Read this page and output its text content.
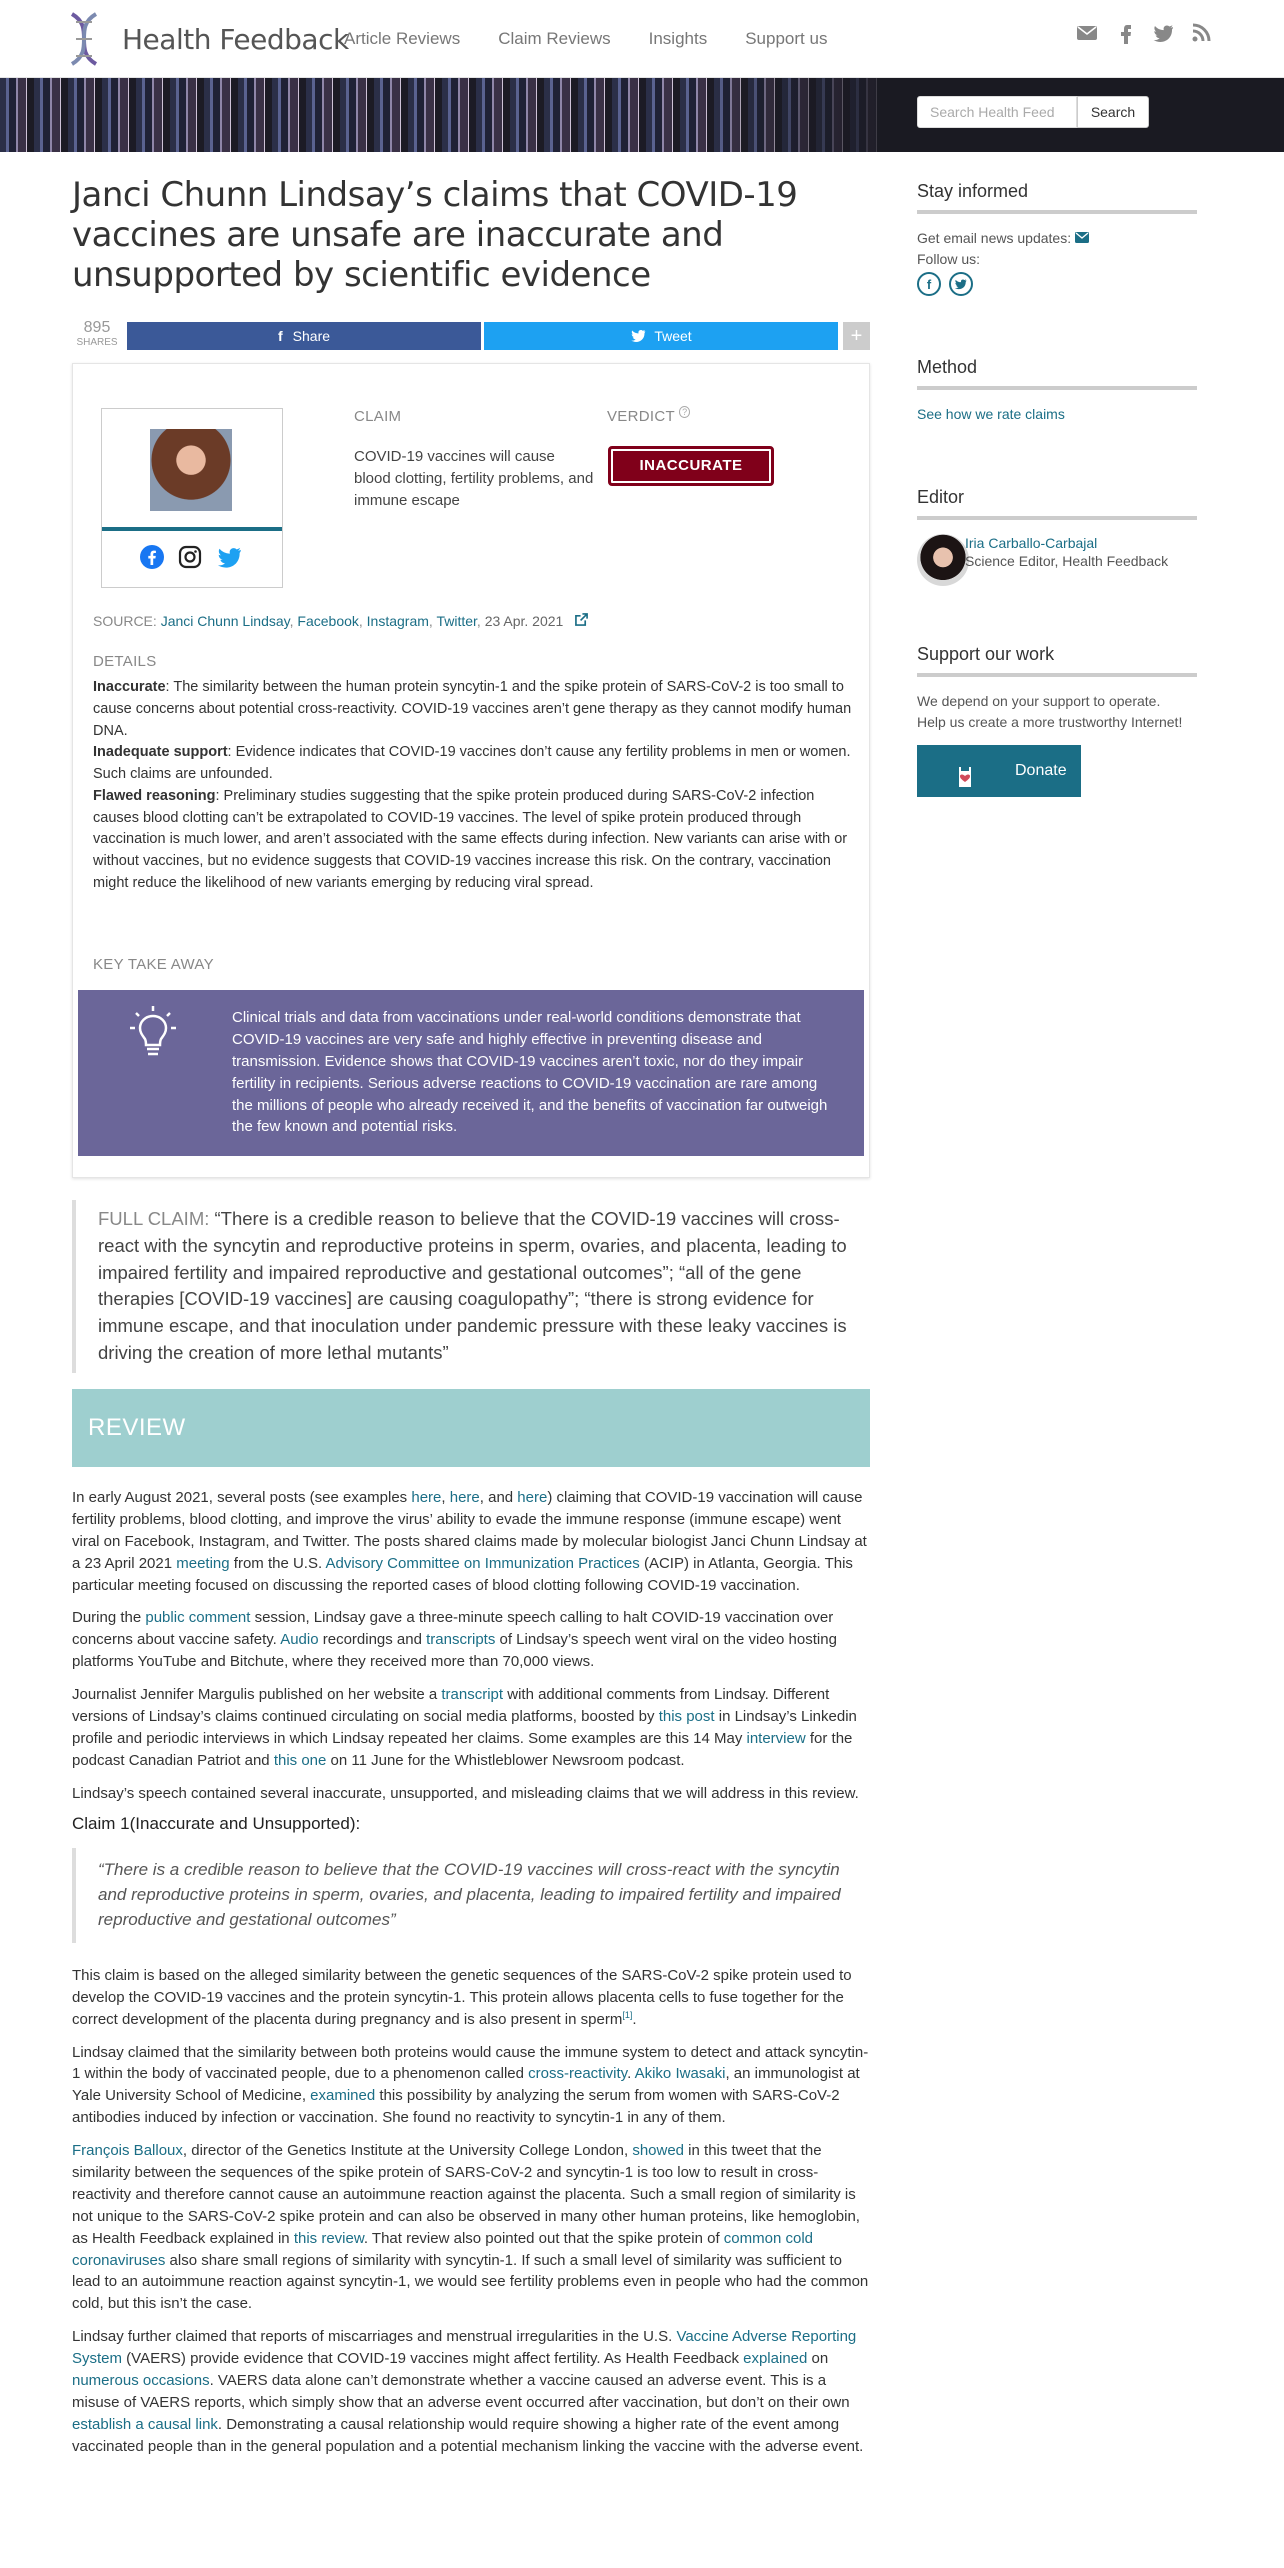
Health Feedback
Article Reviews Claim Reviews Insights Support us
Search Health Feed	Search
Janci Chunn Lindsay’s claims that COVID-19 vaccines are unsafe are inaccurate and unsupported by scientific evidence
895
SHARES	f Share	Tweet	+
CLAIM
COVID-19 vaccines will cause blood clotting, fertility problems, and immune escape
VERDICT ?
INACCURATE
SOURCE: Janci Chunn Lindsay, Facebook, Instagram, Twitter, 23 Apr. 2021
DETAILS

Inaccurate: The similarity between the human protein syncytin-1 and the spike protein of SARS-CoV-2 is too small to cause concerns about potential cross-reactivity. COVID-19 vaccines aren’t gene therapy as they cannot modify human DNA.

Inadequate support: Evidence indicates that COVID-19 vaccines don’t cause any fertility problems in men or women. Such claims are unfounded.

Flawed reasoning: Preliminary studies suggesting that the spike protein produced during SARS-CoV-2 infection causes blood clotting can’t be extrapolated to COVID-19 vaccines. The level of spike protein produced through vaccination is much lower, and aren’t associated with the same effects during infection. New variants can arise with or without vaccines, but no evidence suggests that COVID-19 vaccines increase this risk. On the contrary, vaccination might reduce the likelihood of new variants emerging by reducing viral spread.

KEY TAKE AWAY
Clinical trials and data from vaccinations under real-world conditions demonstrate that COVID-19 vaccines are very safe and highly effective in preventing disease and transmission. Evidence shows that COVID-19 vaccines aren’t toxic, nor do they impair fertility in recipients. Serious adverse reactions to COVID-19 vaccination are rare among the millions of people who already received it, and the benefits of vaccination far outweigh the few known and potential risks.
FULL CLAIM: “There is a credible reason to believe that the COVID-19 vaccines will cross-react with the syncytin and reproductive proteins in sperm, ovaries, and placenta, leading to impaired fertility and impaired reproductive and gestational outcomes”; “all of the gene therapies [COVID-19 vaccines] are causing coagulopathy”; “there is strong evidence for immune escape, and that inoculation under pandemic pressure with these leaky vaccines is driving the creation of more lethal mutants”
REVIEW

In early August 2021, several posts (see examples here, here, and here) claiming that COVID-19 vaccination will cause fertility problems, blood clotting, and improve the virus’ ability to evade the immune response (immune escape) went viral on Facebook, Instagram, and Twitter. The posts shared claims made by molecular biologist Janci Chunn Lindsay at a 23 April 2021 meeting from the U.S. Advisory Committee on Immunization Practices (ACIP) in Atlanta, Georgia. This particular meeting focused on discussing the reported cases of blood clotting following COVID-19 vaccination.

During the public comment session, Lindsay gave a three-minute speech calling to halt COVID-19 vaccination over concerns about vaccine safety. Audio recordings and transcripts of Lindsay’s speech went viral on the video hosting platforms YouTube and Bitchute, where they received more than 70,000 views.

Journalist Jennifer Margulis published on her website a transcript with additional comments from Lindsay. Different versions of Lindsay’s claims continued circulating on social media platforms, boosted by this post in Lindsay’s Linkedin profile and periodic interviews in which Lindsay repeated her claims. Some examples are this 14 May interview for the podcast Canadian Patriot and this one on 11 June for the Whistleblower Newsroom podcast.

Lindsay’s speech contained several inaccurate, unsupported, and misleading claims that we will address in this review.

Claim 1(Inaccurate and Unsupported):
“There is a credible reason to believe that the COVID-19 vaccines will cross-react with the syncytin and reproductive proteins in sperm, ovaries, and placenta, leading to impaired fertility and impaired reproductive and gestational outcomes”

This claim is based on the alleged similarity between the genetic sequences of the SARS-CoV-2 spike protein used to develop the COVID-19 vaccines and the protein syncytin-1. This protein allows placenta cells to fuse together for the correct development of the placenta during pregnancy and is also present in sperm[1].

Lindsay claimed that the similarity between both proteins would cause the immune system to detect and attack syncytin-1 within the body of vaccinated people, due to a phenomenon called cross-reactivity. Akiko Iwasaki, an immunologist at Yale University School of Medicine, examined this possibility by analyzing the serum from women with SARS-CoV-2 antibodies induced by infection or vaccination. She found no reactivity to syncytin-1 in any of them.

François Balloux, director of the Genetics Institute at the University College London, showed in this tweet that the similarity between the sequences of the spike protein of SARS-CoV-2 and syncytin-1 is too low to result in cross-reactivity and therefore cannot cause an autoimmune reaction against the placenta. Such a small region of similarity is not unique to the SARS-CoV-2 spike protein and can also be observed in many other human proteins, like hemoglobin, as Health Feedback explained in this review. That review also pointed out that the spike protein of common cold coronaviruses also share small regions of similarity with syncytin-1. If such a small level of similarity was sufficient to lead to an autoimmune reaction against syncytin-1, we would see fertility problems even in people who had the common cold, but this isn’t the case.

Lindsay further claimed that reports of miscarriages and menstrual irregularities in the U.S. Vaccine Adverse Reporting System (VAERS) provide evidence that COVID-19 vaccines might affect fertility. As Health Feedback explained on numerous occasions. VAERS data alone can’t demonstrate whether a vaccine caused an adverse event. This is a misuse of VAERS reports, which simply show that an adverse event occurred after vaccination, but don’t on their own establish a causal link. Demonstrating a causal relationship would require showing a higher rate of the event among vaccinated people than in the general population and a potential mechanism linking the vaccine with the adverse event.

Stay informed

Get email news updates:

Follow us:

f

Method

See how we rate claims

Editor
Iria Carballo-Carbajal
Science Editor, Health Feedback
Support our work

We depend on your support to operate. Help us create a more trustworthy Internet!

Donate
